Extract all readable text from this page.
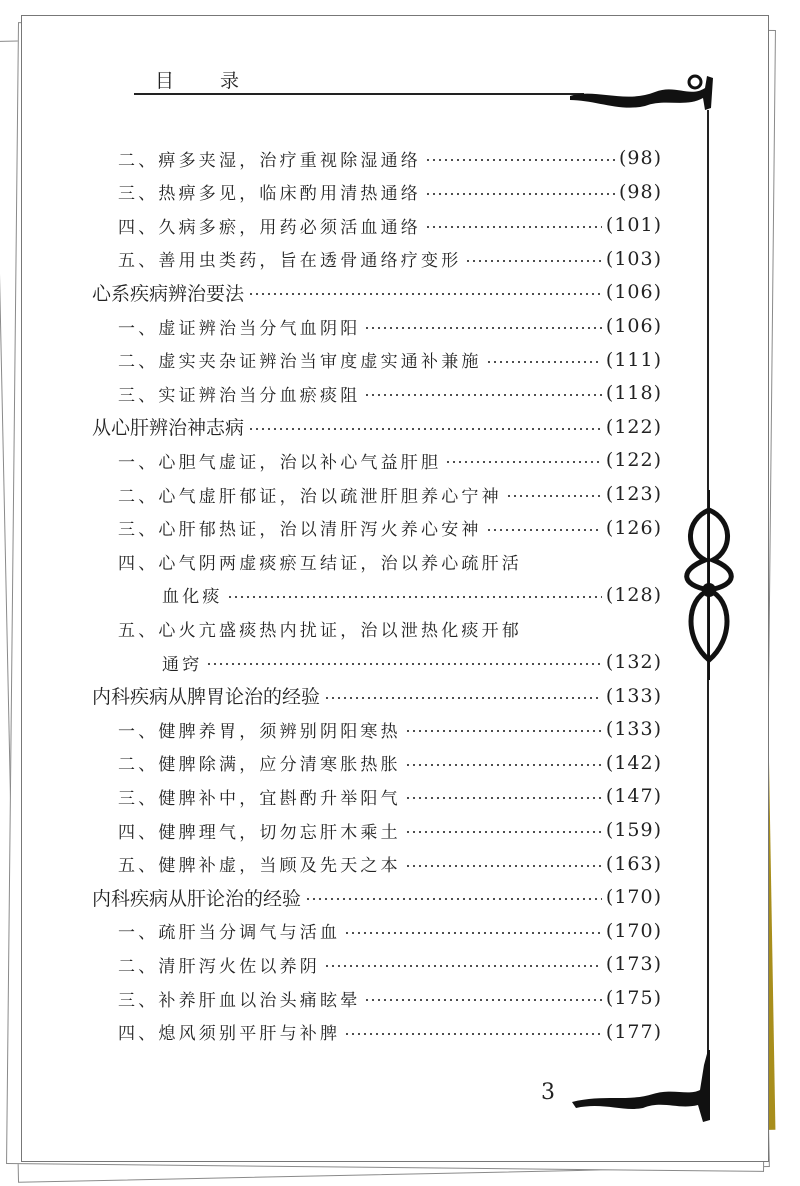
目 录
二、痹多夹湿，治疗重视除湿通络	(98)
三、热痹多见，临床酌用清热通络	(98)
四、久病多瘀，用药必须活血通络	(101)
五、善用虫类药，旨在透骨通络疗变形	(103)
心系疾病辨治要法	(106)
一、虚证辨治当分气血阴阳	(106)
二、虚实夹杂证辨治当审度虚实通补兼施	(111)
三、实证辨治当分血瘀痰阻	(118)
从心肝辨治神志病	(122)
一、心胆气虚证，治以补心气益肝胆	(122)
二、心气虚肝郁证，治以疏泄肝胆养心宁神	(123)
三、心肝郁热证，治以清肝泻火养心安神	(126)
四、心气阴两虚痰瘀互结证，治以养心疏肝活
血化痰	(128)
五、心火亢盛痰热内扰证，治以泄热化痰开郁
通窍	(132)
内科疾病从脾胃论治的经验	(133)
一、健脾养胃，须辨别阴阳寒热	(133)
二、健脾除满，应分清寒胀热胀	(142)
三、健脾补中，宜斟酌升举阳气	(147)
四、健脾理气，切勿忘肝木乘土	(159)
五、健脾补虚，当顾及先天之本	(163)
内科疾病从肝论治的经验	(170)
一、疏肝当分调气与活血	(170)
二、清肝泻火佐以养阴	(173)
三、补养肝血以治头痛眩晕	(175)
四、熄风须别平肝与补脾	(177)
3
